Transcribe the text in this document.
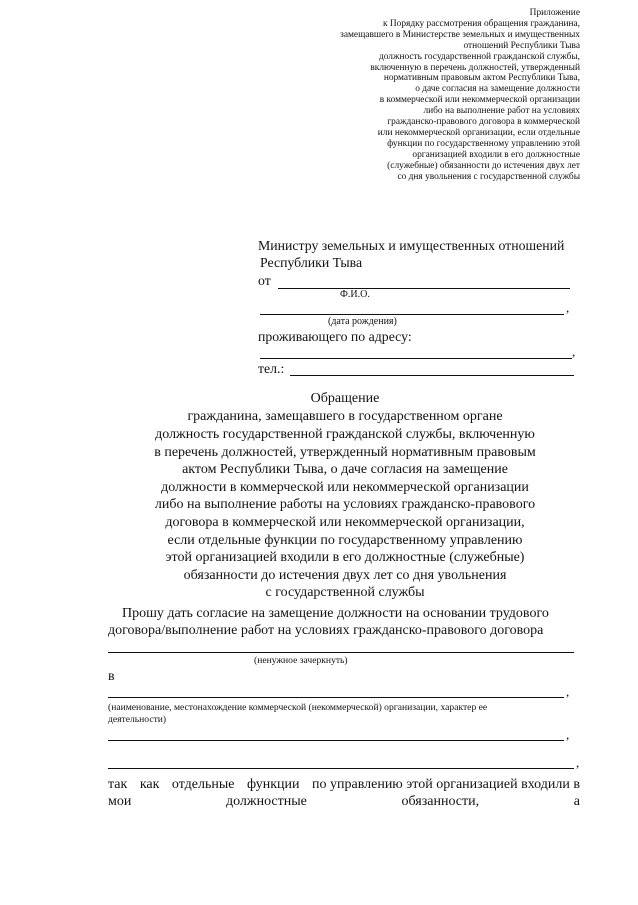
Приложение
к Порядку рассмотрения обращения гражданина,
замещавшего в Министерстве земельных и имущественных
отношений Республики Тыва
должность государственной гражданской службы,
включенную в перечень должностей, утвержденный
нормативным правовым актом Республики Тыва,
о даче согласия на замещение должности
в коммерческой или некоммерческой организации
либо на выполнение работ на условиях
гражданско-правового договора в коммерческой
или некоммерческой организации, если отдельные
функции по государственному управлению этой
организацией входили в его должностные
(служебные) обязанности до истечения двух лет
со дня увольнения с государственной службы
Министру земельных и имущественных отношений
Республики Тыва
от
Ф.И.О.
,
(дата рождения)
проживающего по адресу:
,
тел.:
Обращение
гражданина, замещавшего в государственном органе
должность государственной гражданской службы, включенную
в перечень должностей, утвержденный нормативным правовым
актом Республики Тыва, о даче согласия на замещение
должности в коммерческой или некоммерческой организации
либо на выполнение работы на условиях гражданско-правового
договора в коммерческой или некоммерческой организации,
если отдельные функции по государственному управлению
этой организацией входили в его должностные (служебные)
обязанности до истечения двух лет со дня увольнения
с государственной службы
Прошу дать согласие на замещение должности на основании трудового
договора/выполнение работ на условиях гражданско-правового договора
(ненужное зачеркнуть)
в
,
(наименование, местонахождение коммерческой (некоммерческой) организации, характер ее
деятельности)
,
,
так как отдельные функции по управлению этой организацией входили в
мои	должностные	обязанности,	а
